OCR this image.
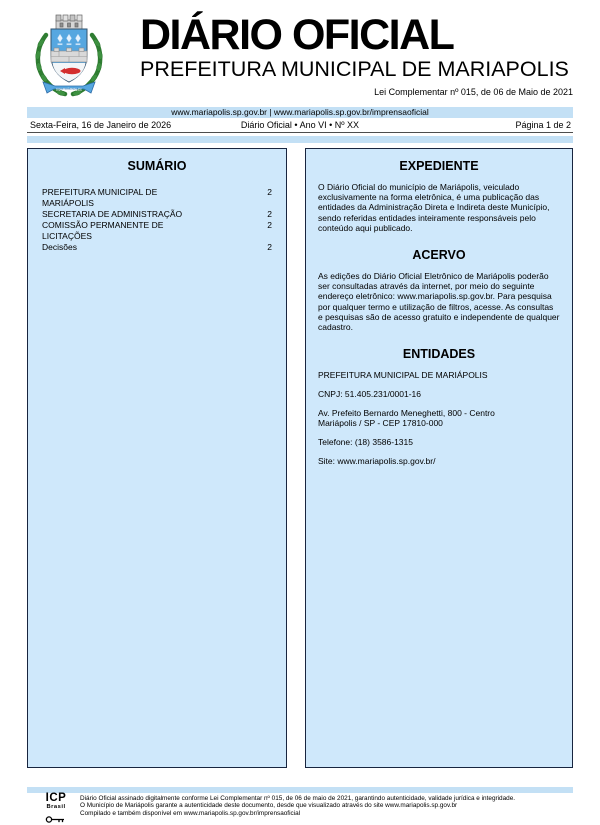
MARIÁPOLIS
DIÁRIO OFICIAL
PREFEITURA MUNICIPAL DE MARIAPOLIS
Lei Complementar nº 015, de 06 de Maio de 2021
www.mariapolis.sp.gov.br | www.mariapolis.sp.gov.br/imprensaoficial
Sexta-Feira, 16 de Janeiro de 2026	Diário Oficial • Ano VI • Nº XX	Página 1 de 2
SUMÁRIO
PREFEITURA MUNICIPAL DE MARIÁPOLIS
2
SECRETARIA DE ADMINISTRAÇÃO	2
COMISSÃO PERMANENTE DE LICITAÇÕES
2
Decisões	2
EXPEDIENTE
O Diário Oficial do município de Mariápolis, veiculado exclusivamente na forma eletrônica, é uma publicação das entidades da Administração Direta e Indireta deste Município, sendo referidas entidades inteiramente responsáveis pelo conteúdo aqui publicado.
ACERVO
As edições do Diário Oficial Eletrônico de Mariápolis poderão ser consultadas através da internet, por meio do seguinte endereço eletrônico: www.mariapolis.sp.gov.br. Para pesquisa por qualquer termo e utilização de filtros, acesse. As consultas e pesquisas são de acesso gratuito e independente de qualquer cadastro.
ENTIDADES
PREFEITURA MUNICIPAL DE MARIÁPOLIS
CNPJ: 51.405.231/0001-16
Av. Prefeito Bernardo Meneghetti, 800 - Centro
Mariápolis / SP - CEP 17810-000
Telefone: (18) 3586-1315
Site: www.mariapolis.sp.gov.br/
ICP
Brasil
Diário Oficial assinado digitalmente conforme Lei Complementar nº 015, de 06 de maio de 2021, garantindo autenticidade, validade jurídica e integridade.
O Município de Mariápolis garante a autenticidade deste documento, desde que visualizado através do site www.mariapolis.sp.gov.br
Compilado e também disponível em www.mariapolis.sp.gov.br/imprensaoficial
